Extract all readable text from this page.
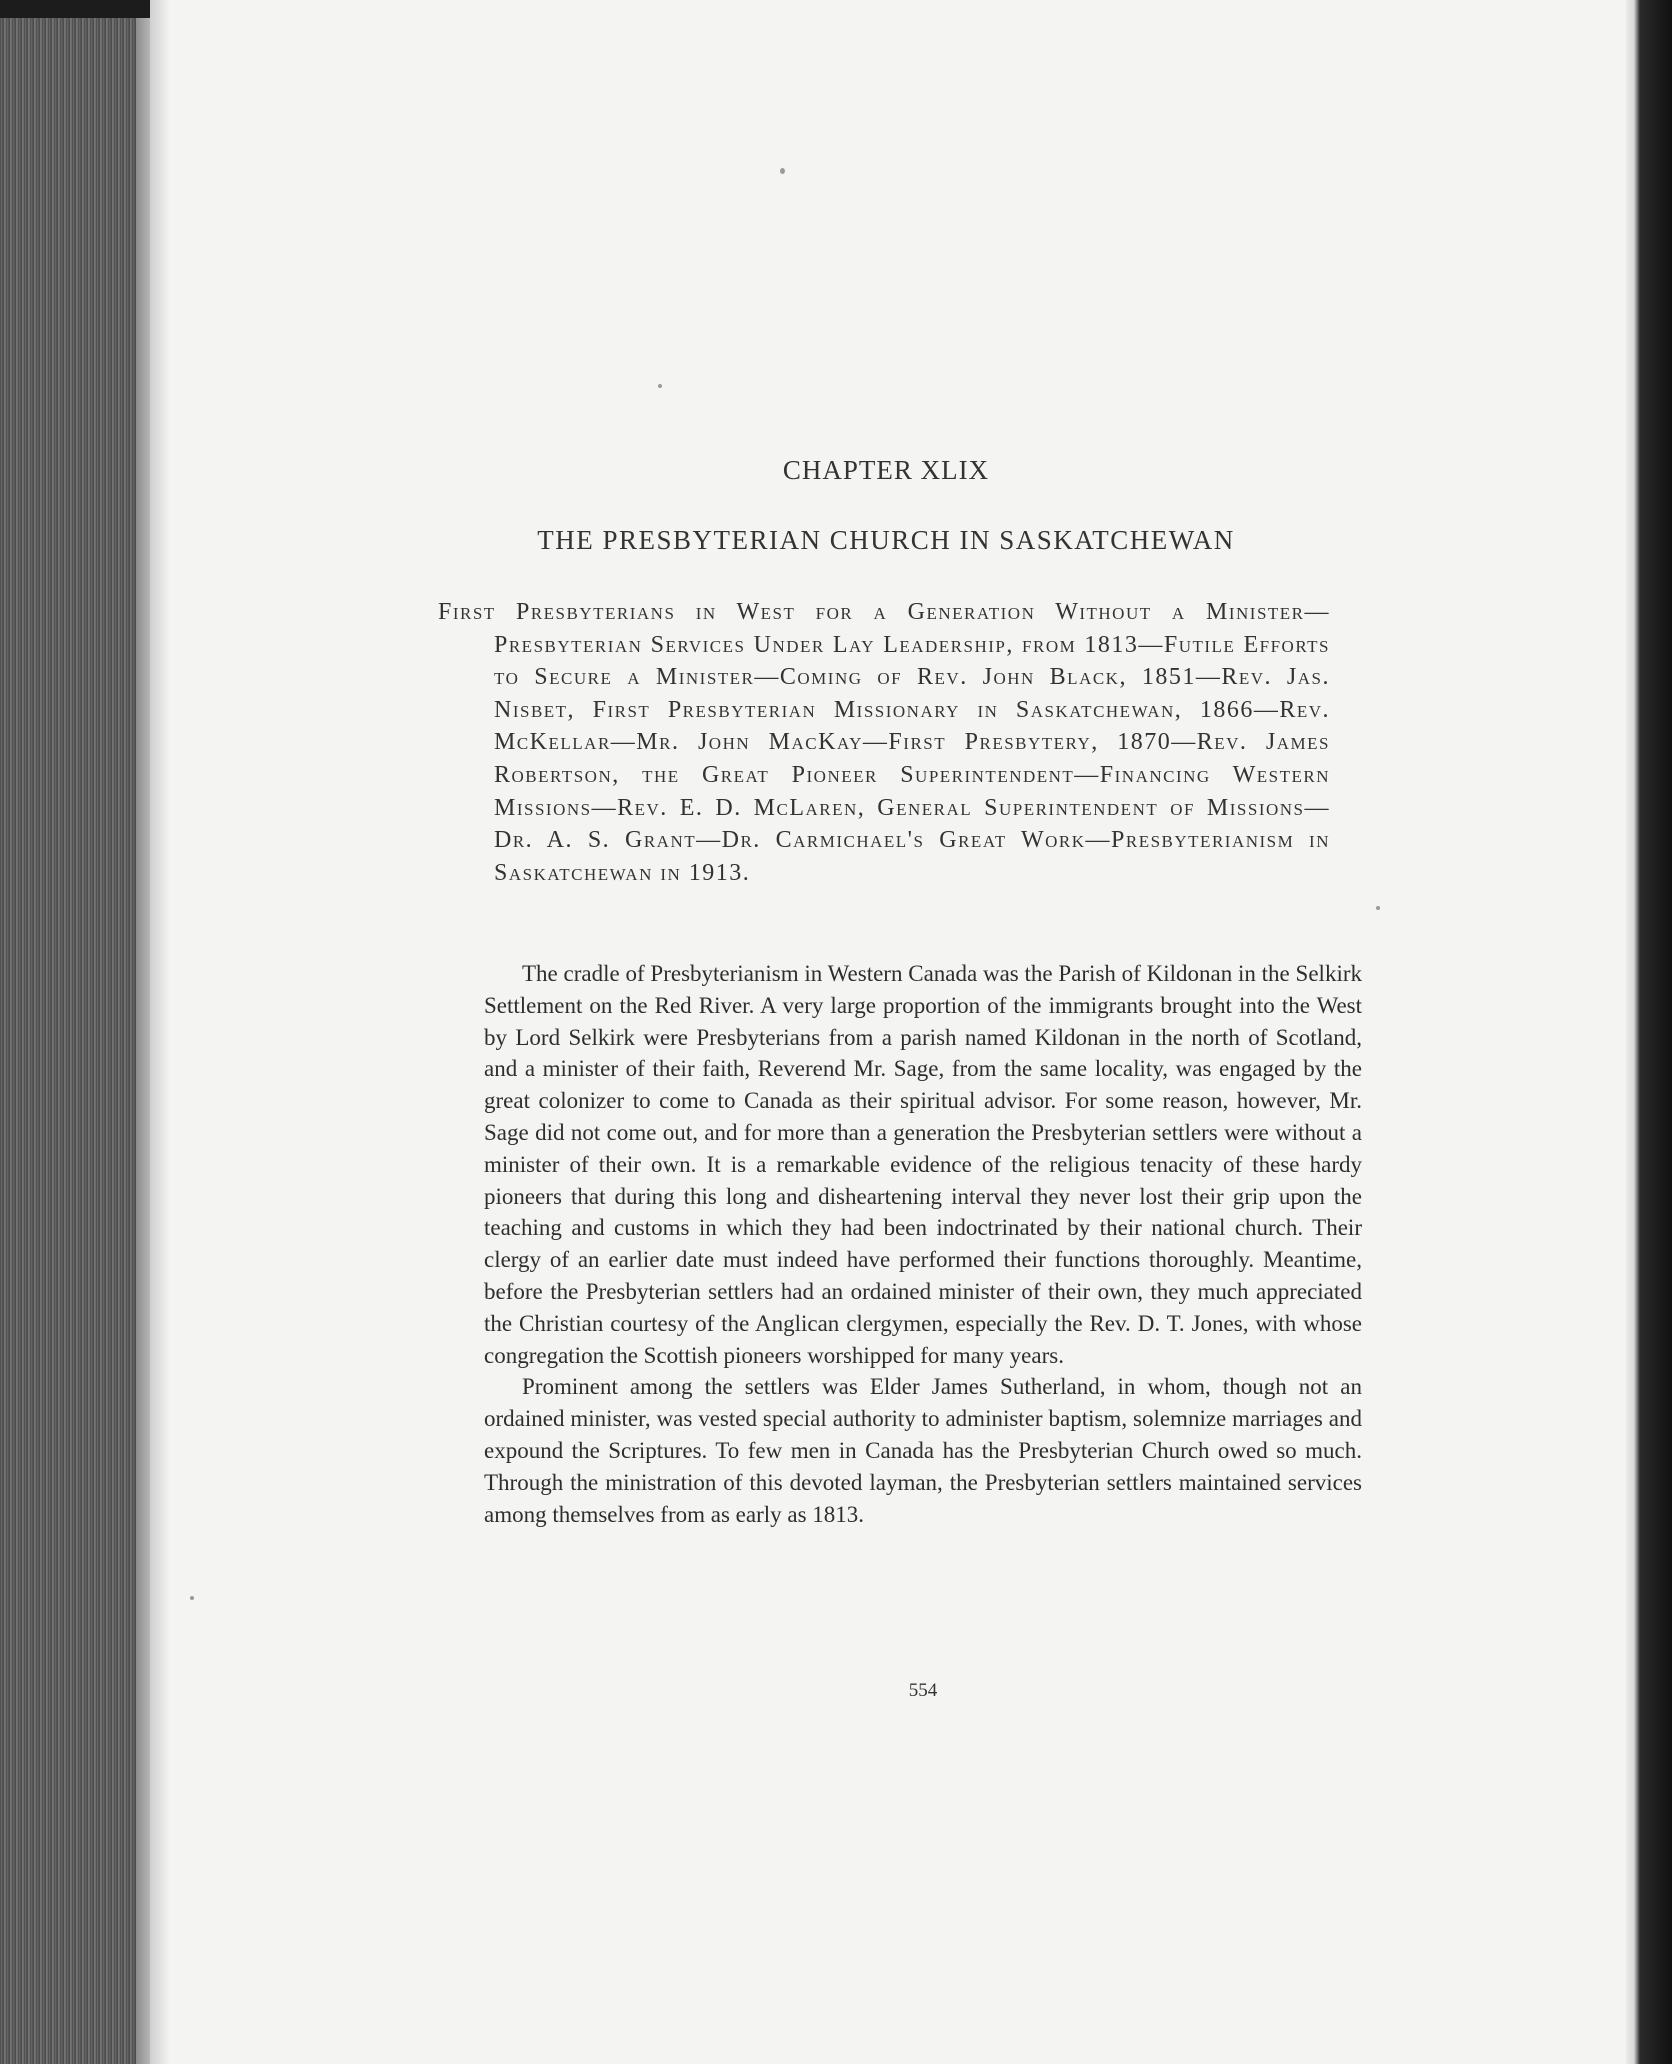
CHAPTER XLIX
THE PRESBYTERIAN CHURCH IN SASKATCHEWAN
First Presbyterians in West for a Generation Without a Minister—Presbyterian Services Under Lay Leadership, from 1813—Futile Efforts to Secure a Minister—Coming of Rev. John Black, 1851—Rev. Jas. Nisbet, First Presbyterian Missionary in Saskatchewan, 1866—Rev. McKellar—Mr. John MacKay—First Presbytery, 1870—Rev. James Robertson, the Great Pioneer Superintendent—Financing Western Missions—Rev. E. D. McLaren, General Superintendent of Missions—Dr. A. S. Grant—Dr. Carmichael's Great Work—Presbyterianism in Saskatchewan in 1913.

The cradle of Presbyterianism in Western Canada was the Parish of Kildonan in the Selkirk Settlement on the Red River. A very large proportion of the immigrants brought into the West by Lord Selkirk were Presbyterians from a parish named Kildonan in the north of Scotland, and a minister of their faith, Reverend Mr. Sage, from the same locality, was engaged by the great colonizer to come to Canada as their spiritual advisor. For some reason, however, Mr. Sage did not come out, and for more than a generation the Presbyterian settlers were without a minister of their own. It is a remarkable evidence of the religious tenacity of these hardy pioneers that during this long and disheartening interval they never lost their grip upon the teaching and customs in which they had been indoctrinated by their national church. Their clergy of an earlier date must indeed have performed their functions thoroughly. Meantime, before the Presbyterian settlers had an ordained minister of their own, they much appreciated the Christian courtesy of the Anglican clergymen, especially the Rev. D. T. Jones, with whose congregation the Scottish pioneers worshipped for many years.

Prominent among the settlers was Elder James Sutherland, in whom, though not an ordained minister, was vested special authority to administer baptism, solemnize marriages and expound the Scriptures. To few men in Canada has the Presbyterian Church owed so much. Through the ministration of this devoted layman, the Presbyterian settlers maintained services among themselves from as early as 1813.

554
